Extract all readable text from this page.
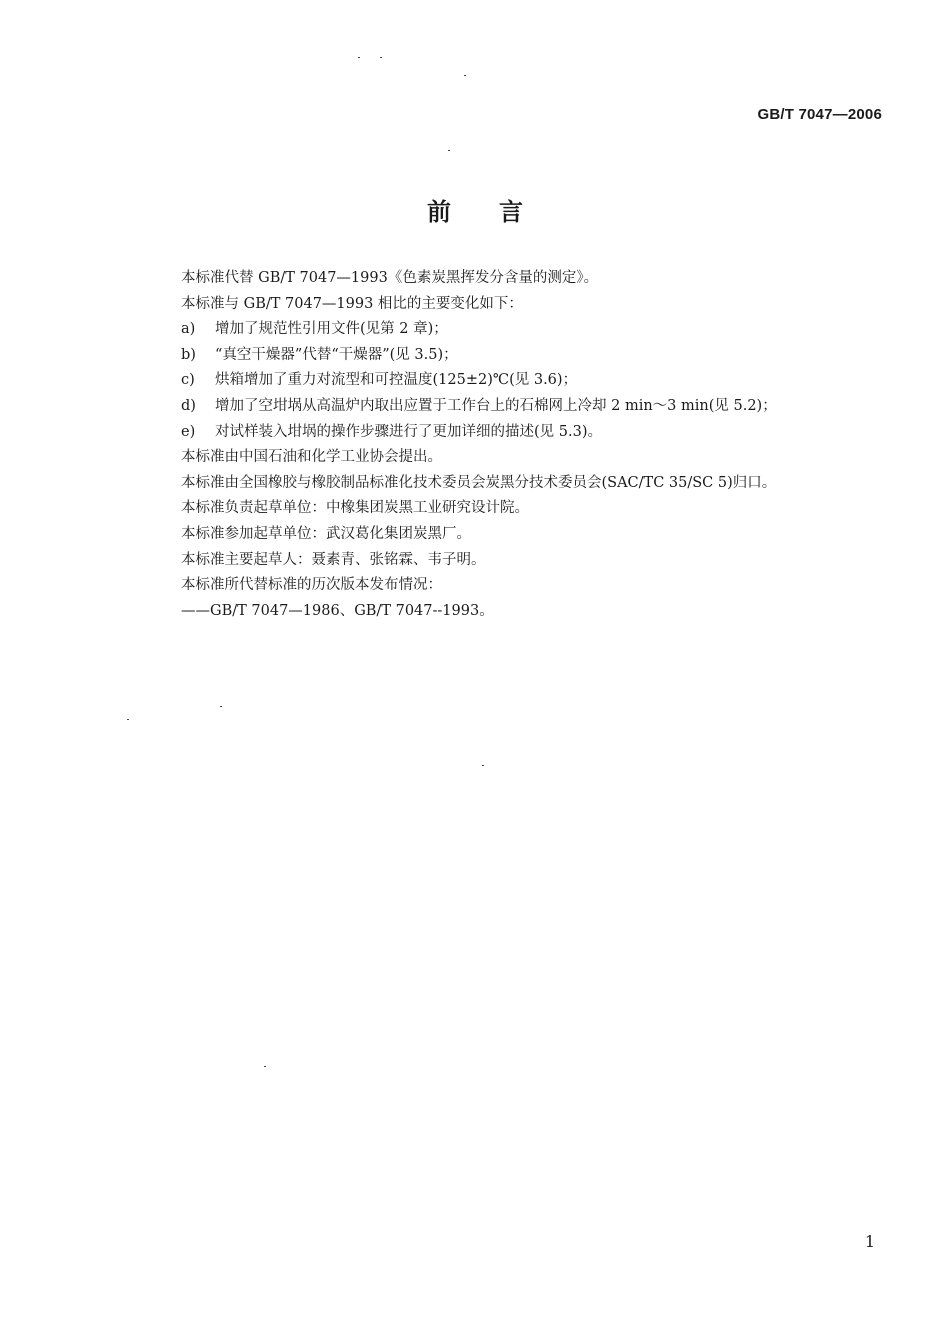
GB/T 7047—2006
前言
本标准代替 GB/T 7047—1993《色素炭黑挥发分含量的测定》。
本标准与 GB/T 7047—1993 相比的主要变化如下：
a) 增加了规范性引用文件(见第 2 章)；
b) “真空干燥器”代替“干燥器”(见 3.5)；
c) 烘箱增加了重力对流型和可控温度(125±2)℃(见 3.6)；
d) 增加了空坩埚从高温炉内取出应置于工作台上的石棉网上冷却 2 min～3 min(见 5.2)；
e) 对试样装入坩埚的操作步骤进行了更加详细的描述(见 5.3)。
本标准由中国石油和化学工业协会提出。
本标准由全国橡胶与橡胶制品标准化技术委员会炭黑分技术委员会(SAC/TC 35/SC 5)归口。
本标准负责起草单位：中橡集团炭黑工业研究设计院。
本标准参加起草单位：武汉葛化集团炭黑厂。
本标准主要起草人：聂素青、张铭霖、韦子明。
本标准所代替标准的历次版本发布情况：
——GB/T 7047—1986、GB/T 7047--1993。
1
